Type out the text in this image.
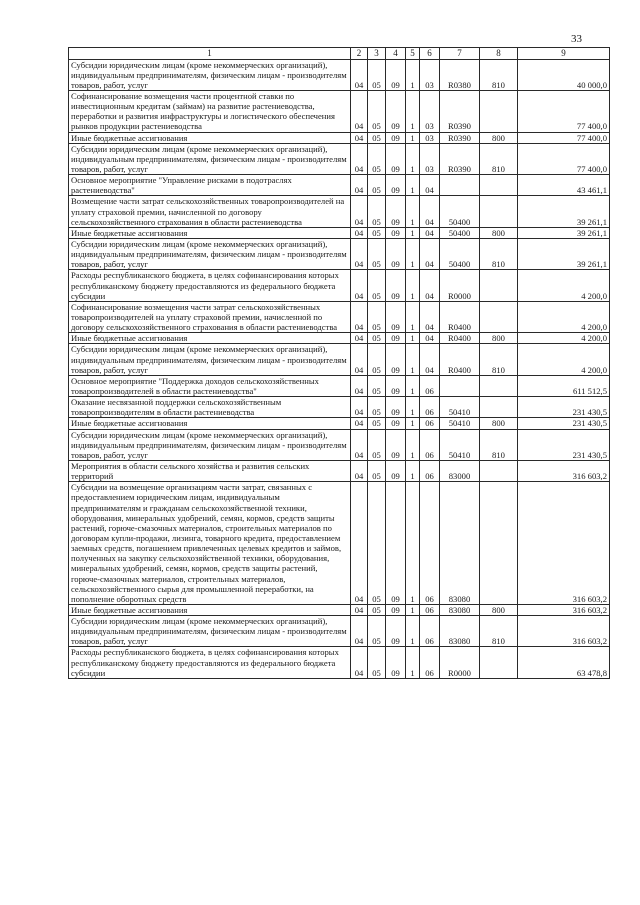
33
1	2	3	4	5	6	7	8	9
Субсидии юридическим лицам (кроме некоммерческих организаций), индивидуальным предпринимателям, физическим лицам - производителям товаров, работ, услуг	04	05	09	1	03	R0380	810	40 000,0
Софинансирование возмещения части процентной ставки по инвестиционным кредитам (займам) на развитие растениеводства, переработки и развития инфраструктуры и логистического обеспечения рынков продукции растениеводства	04	05	09	1	03	R0390		77 400,0
Иные бюджетные ассигнования	04	05	09	1	03	R0390	800	77 400,0
Субсидии юридическим лицам (кроме некоммерческих организаций), индивидуальным предпринимателям, физическим лицам - производителям товаров, работ, услуг	04	05	09	1	03	R0390	810	77 400,0
Основное мероприятие "Управление рисками в подотраслях растениеводства"	04	05	09	1	04			43 461,1
Возмещение части затрат сельскохозяйственных товаропроизводителей на уплату страховой премии, начисленной по договору сельскохозяйственного страхования в области растениеводства	04	05	09	1	04	50400		39 261,1
Иные бюджетные ассигнования	04	05	09	1	04	50400	800	39 261,1
Субсидии юридическим лицам (кроме некоммерческих организаций), индивидуальным предпринимателям, физическим лицам - производителям товаров, работ, услуг	04	05	09	1	04	50400	810	39 261,1
Расходы республиканского бюджета, в целях софинансирования которых республиканскому бюджету предоставляются из федерального бюджета субсидии	04	05	09	1	04	R0000		4 200,0
Софинансирование возмещения части затрат сельскохозяйственных товаропроизводителей на уплату страховой премии, начисленной по договору сельскохозяйственного страхования в области растениеводства	04	05	09	1	04	R0400		4 200,0
Иные бюджетные ассигнования	04	05	09	1	04	R0400	800	4 200,0
Субсидии юридическим лицам (кроме некоммерческих организаций), индивидуальным предпринимателям, физическим лицам - производителям товаров, работ, услуг	04	05	09	1	04	R0400	810	4 200,0
Основное мероприятие "Поддержка доходов сельскохозяйственных товаропроизводителей в области растениеводства"	04	05	09	1	06			611 512,5
Оказание несвязанной поддержки сельскохозяйственным товаропроизводителям в области растениеводства	04	05	09	1	06	50410		231 430,5
Иные бюджетные ассигнования	04	05	09	1	06	50410	800	231 430,5
Субсидии юридическим лицам (кроме некоммерческих организаций), индивидуальным предпринимателям, физическим лицам - производителям товаров, работ, услуг	04	05	09	1	06	50410	810	231 430,5
Мероприятия в области сельского хозяйства и развития сельских территорий	04	05	09	1	06	83000		316 603,2
Субсидии на возмещение организациям части затрат, связанных с предоставлением юридическим лицам, индивидуальным предпринимателям и гражданам сельскохозяйственной техники, оборудования, минеральных удобрений, семян, кормов, средств защиты растений, горюче-смазочных материалов, строительных материалов по договорам купли-продажи, лизинга, товарного кредита, предоставлением заемных средств, погашением привлеченных целевых кредитов и займов, полученных на закупку сельскохозяйственной техники, оборудования, минеральных удобрений, семян, кормов, средств защиты растений, горюче-смазочных материалов, строительных материалов, сельскохозяйственного сырья для промышленной переработки, на пополнение оборотных средств	04	05	09	1	06	83080		316 603,2
Иные бюджетные ассигнования	04	05	09	1	06	83080	800	316 603,2
Субсидии юридическим лицам (кроме некоммерческих организаций), индивидуальным предпринимателям, физическим лицам - производителям товаров, работ, услуг	04	05	09	1	06	83080	810	316 603,2
Расходы республиканского бюджета, в целях софинансирования которых республиканскому бюджету предоставляются из федерального бюджета субсидии	04	05	09	1	06	R0000		63 478,8
